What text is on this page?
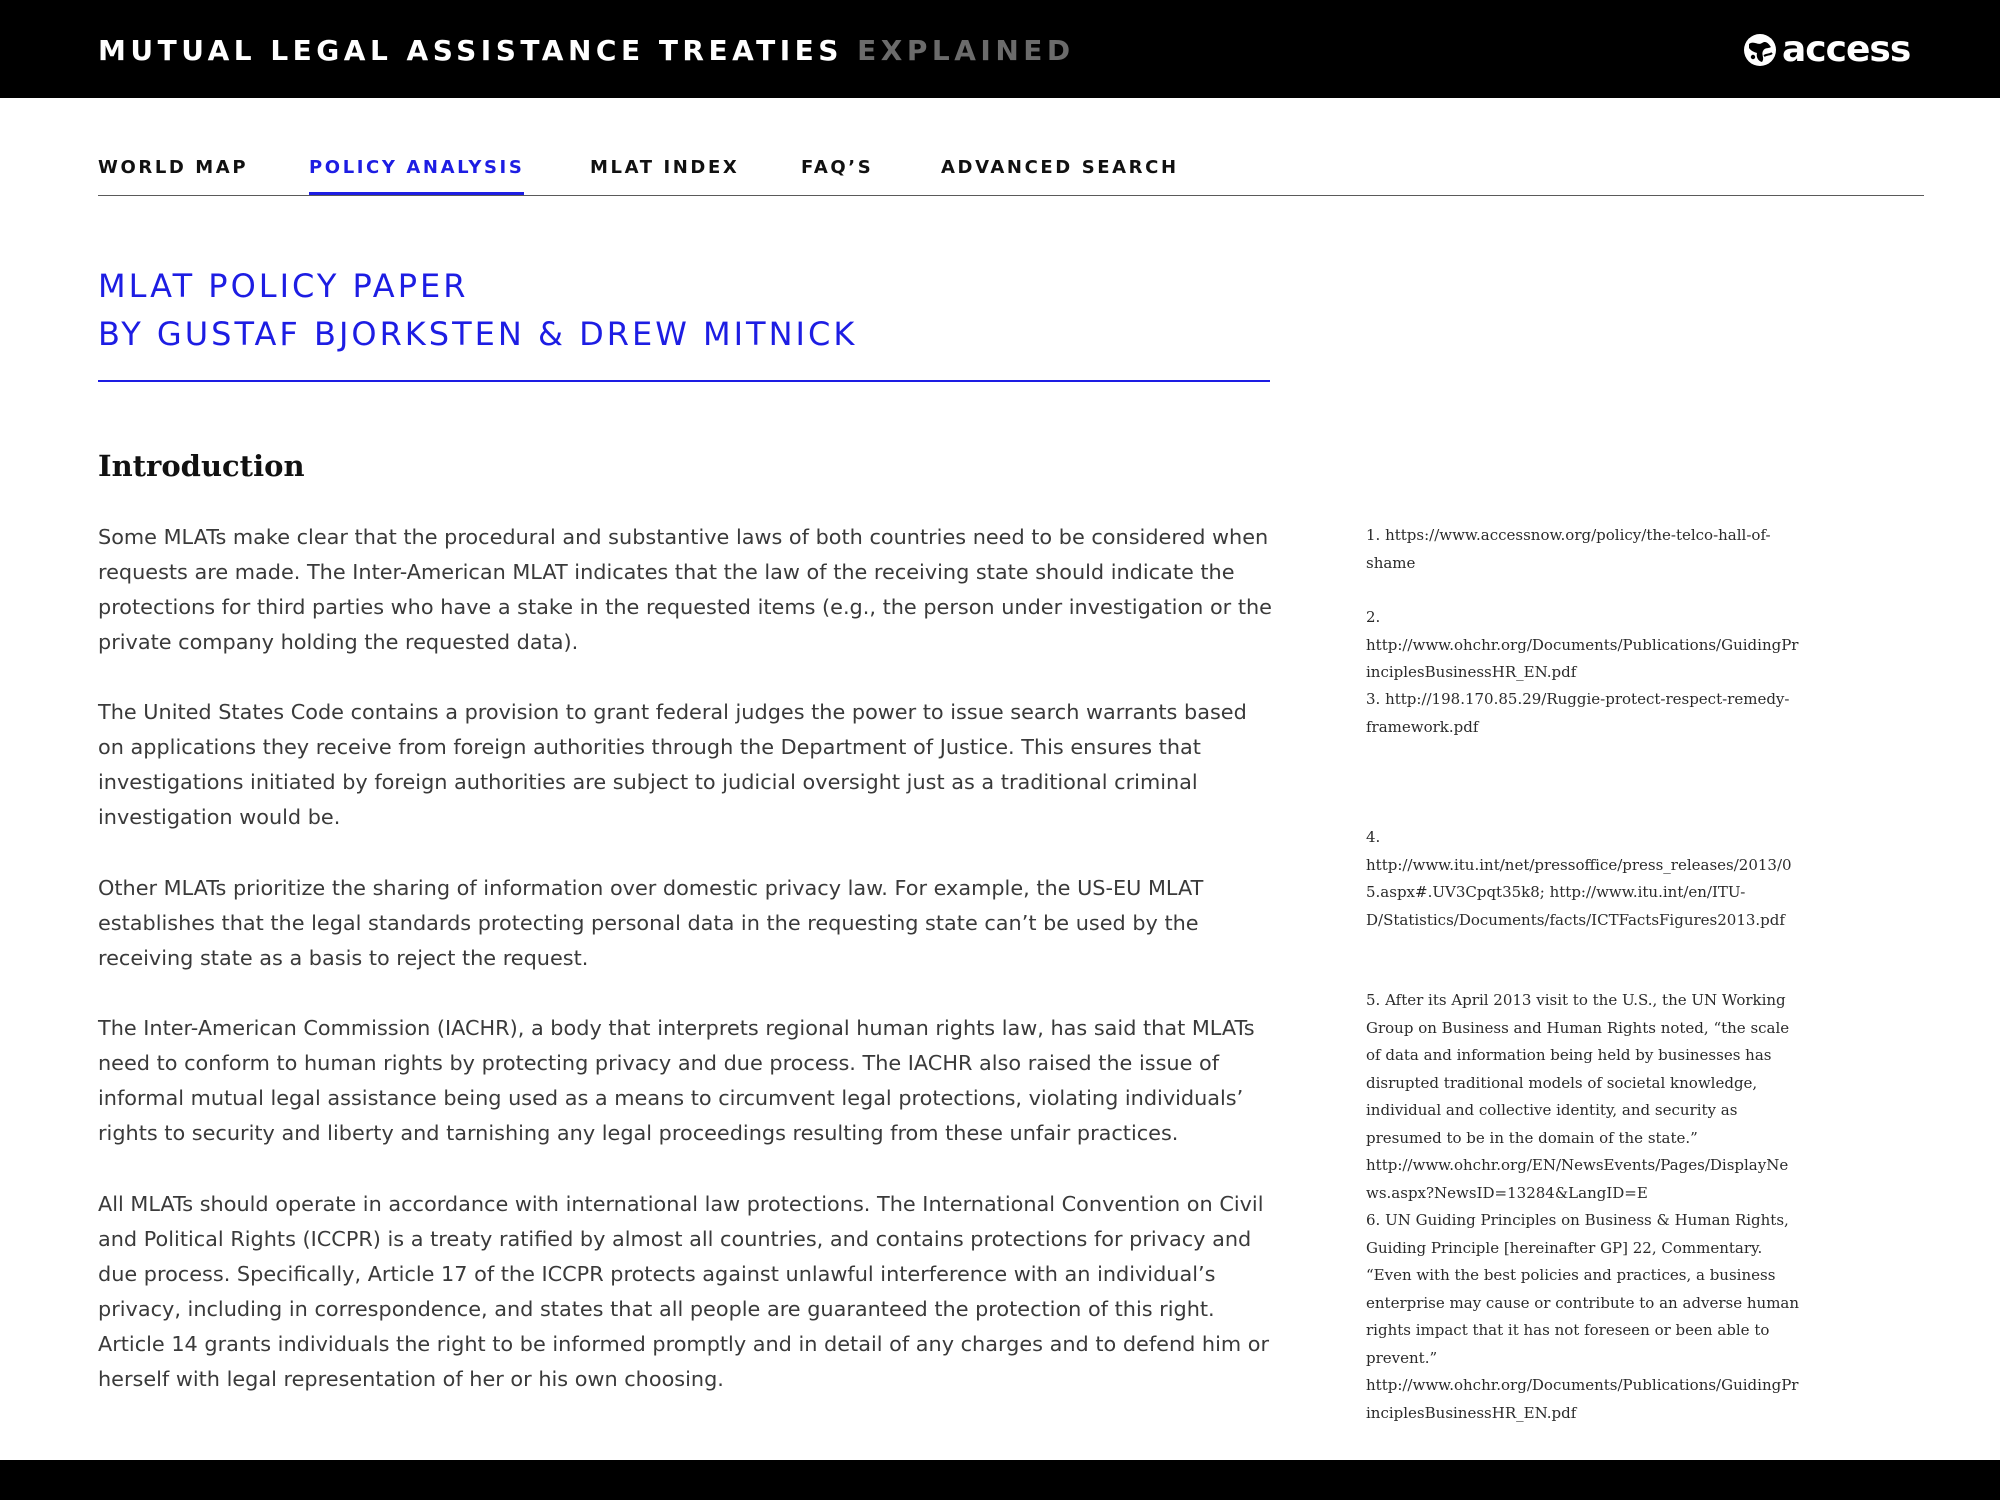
MUTUAL LEGAL ASSISTANCE TREATIES EXPLAINED	access
WORLD MAP	POLICY ANALYSIS	MLAT INDEX	FAQ’S	ADVANCED SEARCH
MLAT POLICY PAPER
BY GUSTAF BJORKSTEN & DREW MITNICK
Introduction

Some MLATs make clear that the procedural and substantive laws of both countries need to be considered when requests are made. The Inter-American MLAT indicates that the law of the receiving state should indicate the protections for third parties who have a stake in the requested items (e.g., the person under investigation or the private company holding the requested data).

The United States Code contains a provision to grant federal judges the power to issue search warrants based on applications they receive from foreign authorities through the Department of Justice. This ensures that investigations initiated by foreign authorities are subject to judicial oversight just as a traditional criminal investigation would be.

Other MLATs prioritize the sharing of information over domestic privacy law. For example, the US-EU MLAT establishes that the legal standards protecting personal data in the requesting state can’t be used by the receiving state as a basis to reject the request.

The Inter-American Commission (IACHR), a body that interprets regional human rights law, has said that MLATs need to conform to human rights by protecting privacy and due process. The IACHR also raised the issue of informal mutual legal assistance being used as a means to circumvent legal protections, violating individuals’ rights to security and liberty and tarnishing any legal proceedings resulting from these unfair practices.

All MLATs should operate in accordance with international law protections. The International Convention on Civil and Political Rights (ICCPR) is a treaty ratified by almost all countries, and contains protections for privacy and due process. Specifically, Article 17 of the ICCPR protects against unlawful interference with an individual’s privacy, including in correspondence, and states that all people are guaranteed the protection of this right. Article 14 grants individuals the right to be informed promptly and in detail of any charges and to defend him or herself with legal representation of her or his own choosing.

1. https://www.accessnow.org/policy/the-telco-hall-of-shame

2. http://www.ohchr.org/Documents/Publications/GuidingPrinciplesBusinessHR_EN.pdf

3. http://198.170.85.29/Ruggie-protect-respect-remedy-framework.pdf

4. http://www.itu.int/net/pressoffice/press_releases/2013/05.aspx#.UV3Cpqt35k8; http://www.itu.int/en/ITU-D/Statistics/Documents/facts/ICTFactsFigures2013.pdf

5. After its April 2013 visit to the U.S., the UN Working Group on Business and Human Rights noted, “the scale of data and information being held by businesses has disrupted traditional models of societal knowledge, individual and collective identity, and security as presumed to be in the domain of the state.” http://www.ohchr.org/EN/NewsEvents/Pages/DisplayNews.aspx?NewsID=13284&LangID=E

6. UN Guiding Principles on Business & Human Rights, Guiding Principle [hereinafter GP] 22, Commentary. “Even with the best policies and practices, a business enterprise may cause or contribute to an adverse human rights impact that it has not foreseen or been able to prevent.” http://www.ohchr.org/Documents/Publications/GuidingPrinciplesBusinessHR_EN.pdf
